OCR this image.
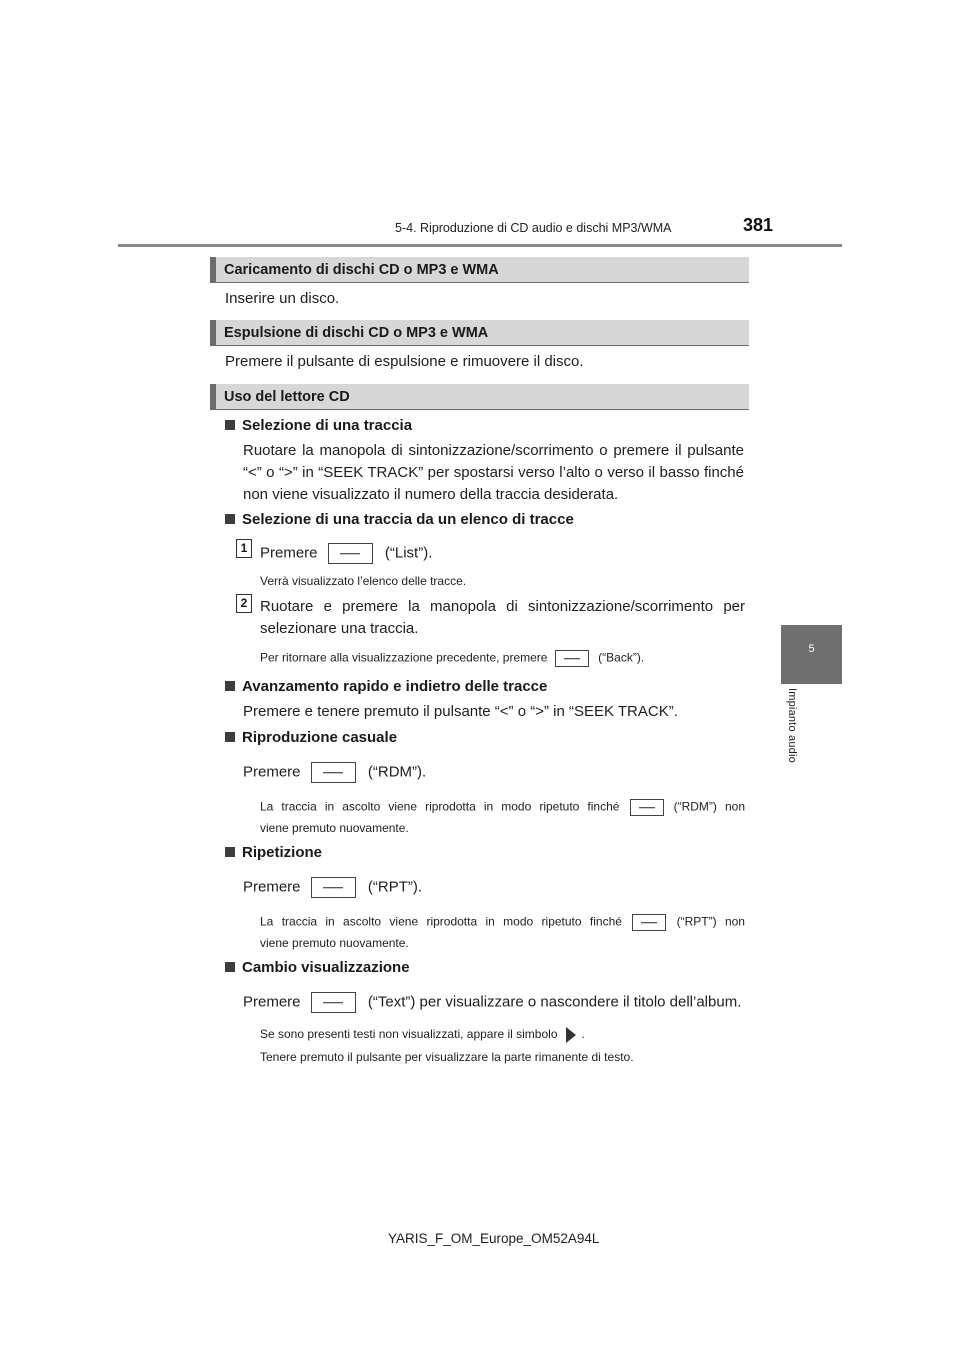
5-4. Riproduzione di CD audio e dischi MP3/WMA	381
5
Impianto audio
Caricamento di dischi CD o MP3 e WMA
Inserire un disco.
Espulsione di dischi CD o MP3 e WMA
Premere il pulsante di espulsione e rimuovere il disco.
Uso del lettore CD
Selezione di una traccia
Ruotare la manopola di sintonizzazione/scorrimento o premere il pulsante
“<” o “>” in “SEEK TRACK” per spostarsi verso l’alto o verso il basso finché
non viene visualizzato il numero della traccia desiderata.
Selezione di una traccia da un elenco di tracce
1 Premere	(“List”).
Verrà visualizzato l’elenco delle tracce.
2 Ruotare e premere la manopola di sintonizzazione/scorrimento per
selezionare una traccia.
Per ritornare alla visualizzazione precedente, premere	(“Back”).
Avanzamento rapido e indietro delle tracce
Premere e tenere premuto il pulsante “<” o “>” in “SEEK TRACK”.
Riproduzione casuale
Premere	(“RDM”).
La traccia in ascolto viene riprodotta in modo ripetuto finché	(“RDM”) non
viene premuto nuovamente.
Ripetizione
Premere	(“RPT”).
La traccia in ascolto viene riprodotta in modo ripetuto finché	(“RPT”) non
viene premuto nuovamente.
Cambio visualizzazione
Premere	(“Text”) per visualizzare o nascondere il titolo dell’album.
Se sono presenti testi non visualizzati, appare il simbolo .
Tenere premuto il pulsante per visualizzare la parte rimanente di testo.
YARIS_F_OM_Europe_OM52A94L
